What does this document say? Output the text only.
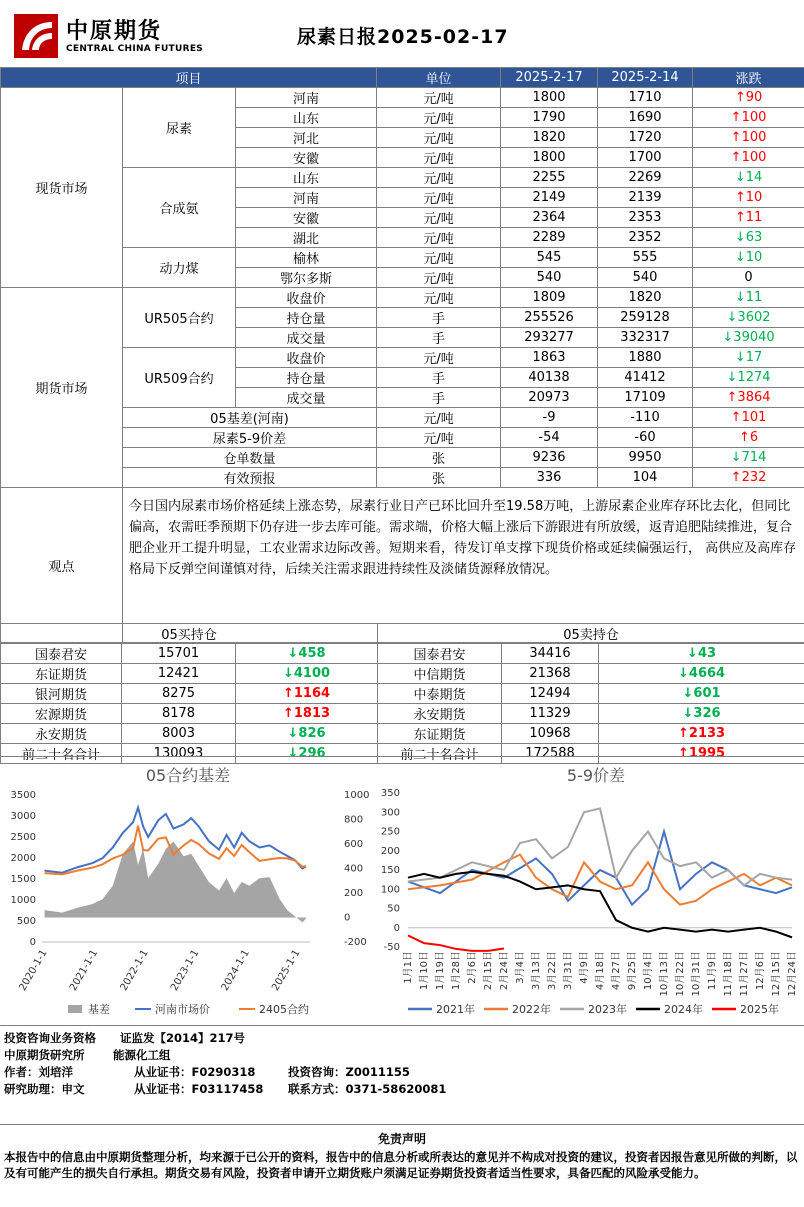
中原期货
CENTRAL CHINA FUTURES
尿素日报2025-02-17
项目			单位	2025-2-17	2025-2-14	涨跌
现货市场	尿素	河南	元/吨	1800	1710	↑90
		山东	元/吨	1790	1690	↑100
		河北	元/吨	1820	1720	↑100
		安徽	元/吨	1800	1700	↑100
	合成氨	山东	元/吨	2255	2269	↓14
		河南	元/吨	2149	2139	↑10
		安徽	元/吨	2364	2353	↑11
		湖北	元/吨	2289	2352	↓63
	动力煤	榆林	元/吨	545	555	↓10
		鄂尔多斯	元/吨	540	540	0
期货市场	UR505合约	收盘价	元/吨	1809	1820	↓11
		持仓量	手	255526	259128	↓3602
		成交量	手	293277	332317	↓39040
	UR509合约	收盘价	元/吨	1863	1880	↓17
		持仓量	手	40138	41412	↓1274
		成交量	手	20973	17109	↑3864
	05基差(河南)		元/吨	-9	-110	↑101
	尿素5-9价差		元/吨	-54	-60	↑6
	仓单数量		张	9236	9950	↓714
	有效预报		张	336	104	↑232
观点	今日国内尿素市场价格延续上涨态势，尿素行业日产已环比回升至19.58万吨，上游尿素企业库存环比去化，但同比偏高，农需旺季预期下仍存进一步去库可能。需求端，价格大幅上涨后下游跟进有所放缓，返青追肥陆续推进，复合肥企业开工提升明显，工农业需求边际改善。短期来看，待发订单支撑下现货价格或延续偏强运行， 高供应及高库存格局下反弹空间谨慎对待，后续关注需求跟进持续性及淡储货源释放情况。					
05买持仓			05卖持仓		
国泰君安	15701	↓458	国泰君安	34416	↓43
东证期货	12421	↓4100	中信期货	21368	↓4664
银河期货	8275	↑1164	中泰期货	12494	↓601
宏源期货	8178	↑1813	永安期货	11329	↓326
永安期货	8003	↓826	东证期货	10968	↑2133
前二十名合计	130093	↓296	前二十名合计	172588	↑1995
05合约基差
0
500
1000
1500
2000
2500
3000
3500
-200
0
200
400
600
800
1000
2020-1-1 2021-1-1 2022-1-1 2023-1-1 2024-1-1 2025-1-1
基差	河南市场价	2405合约
5-9价差
-50
0
50
100
150
200
250
300
350
1月1日 1月10日 1月19日 1月28日 2月6日 2月15日 2月24日 3月4日 3月13日 3月22日 3月31日 4月9日 4月18日 4月27日 9月25日 10月4日 10月13日 10月22日 10月31日 11月9日 11月18日 11月27日 12月6日 12月15日 12月24日
2021年	2022年	2023年	2024年	2025年
投资咨询业务资格 证监发【2014】217号
中原期货研究所 能源化工组
作者：刘培洋	从业证书：F0290318	投资咨询：Z0011155
研究助理：申文	从业证书：F03117458 联系方式：0371-58620081
免责声明
本报告中的信息由中原期货整理分析，均来源于已公开的资料，报告中的信息分析或所表达的意见并不构成对投资的建议，投资者因报告意见所做的判断，以及有可能产生的损失自行承担。期货交易有风险，投资者申请开立期货账户须满足证券期货投资者适当性要求，具备匹配的风险承受能力。
